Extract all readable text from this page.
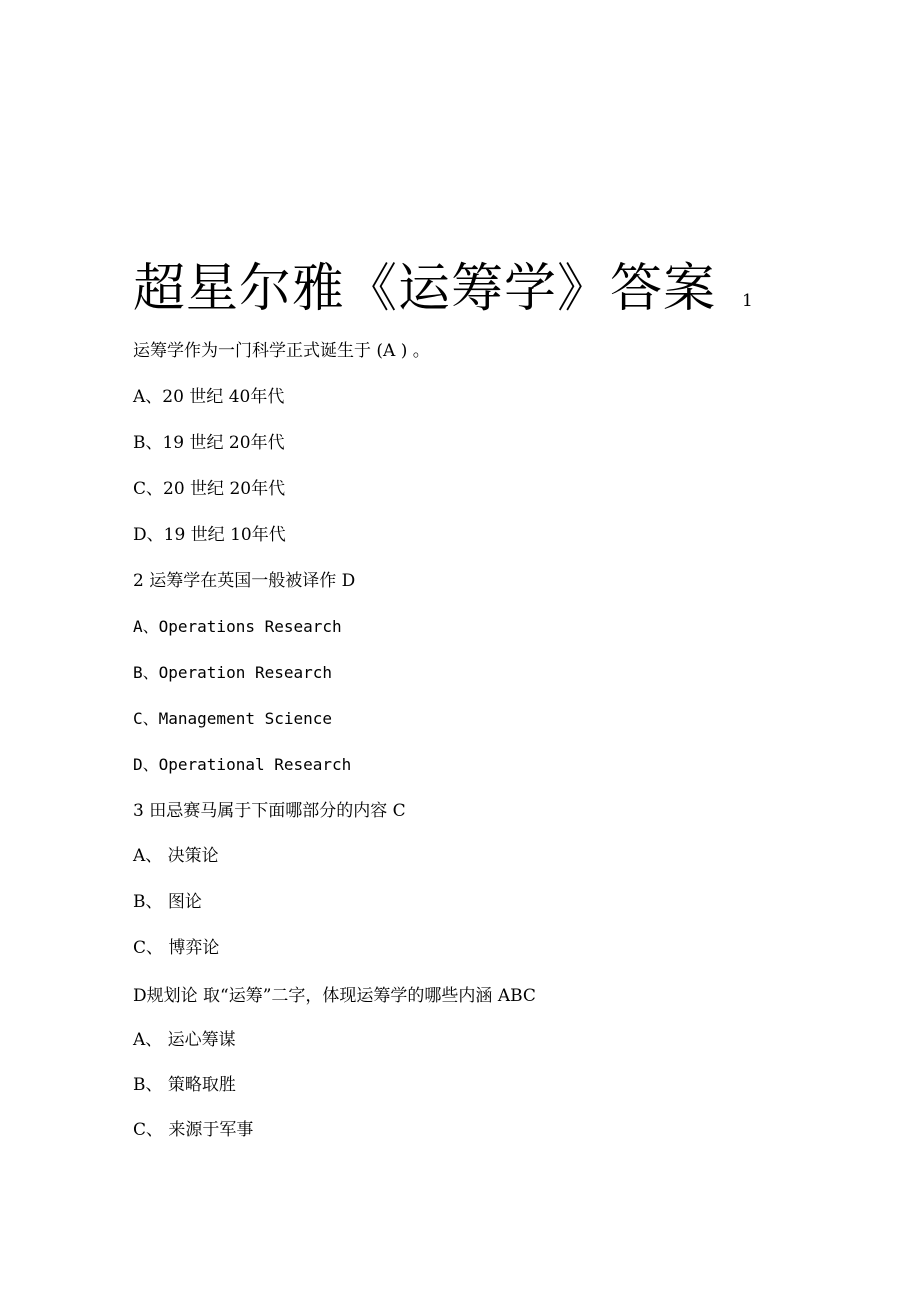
超星尔雅《运筹学》答案 1
运筹学作为一门科学正式诞生于 (A ) 。
A、20 世纪 40年代
B、19 世纪 20年代
C、20 世纪 20年代
D、19 世纪 10年代
2 运筹学在英国一般被译作 D
A、Operations Research
B、Operation Research
C、Management Science
D、Operational Research
3 田忌赛马属于下面哪部分的内容 C
A、 决策论
B、 图论
C、 博弈论
D规划论 取“运筹”二字，体现运筹学的哪些内涵 ABC
A、 运心筹谋
B、 策略取胜
C、 来源于军事
